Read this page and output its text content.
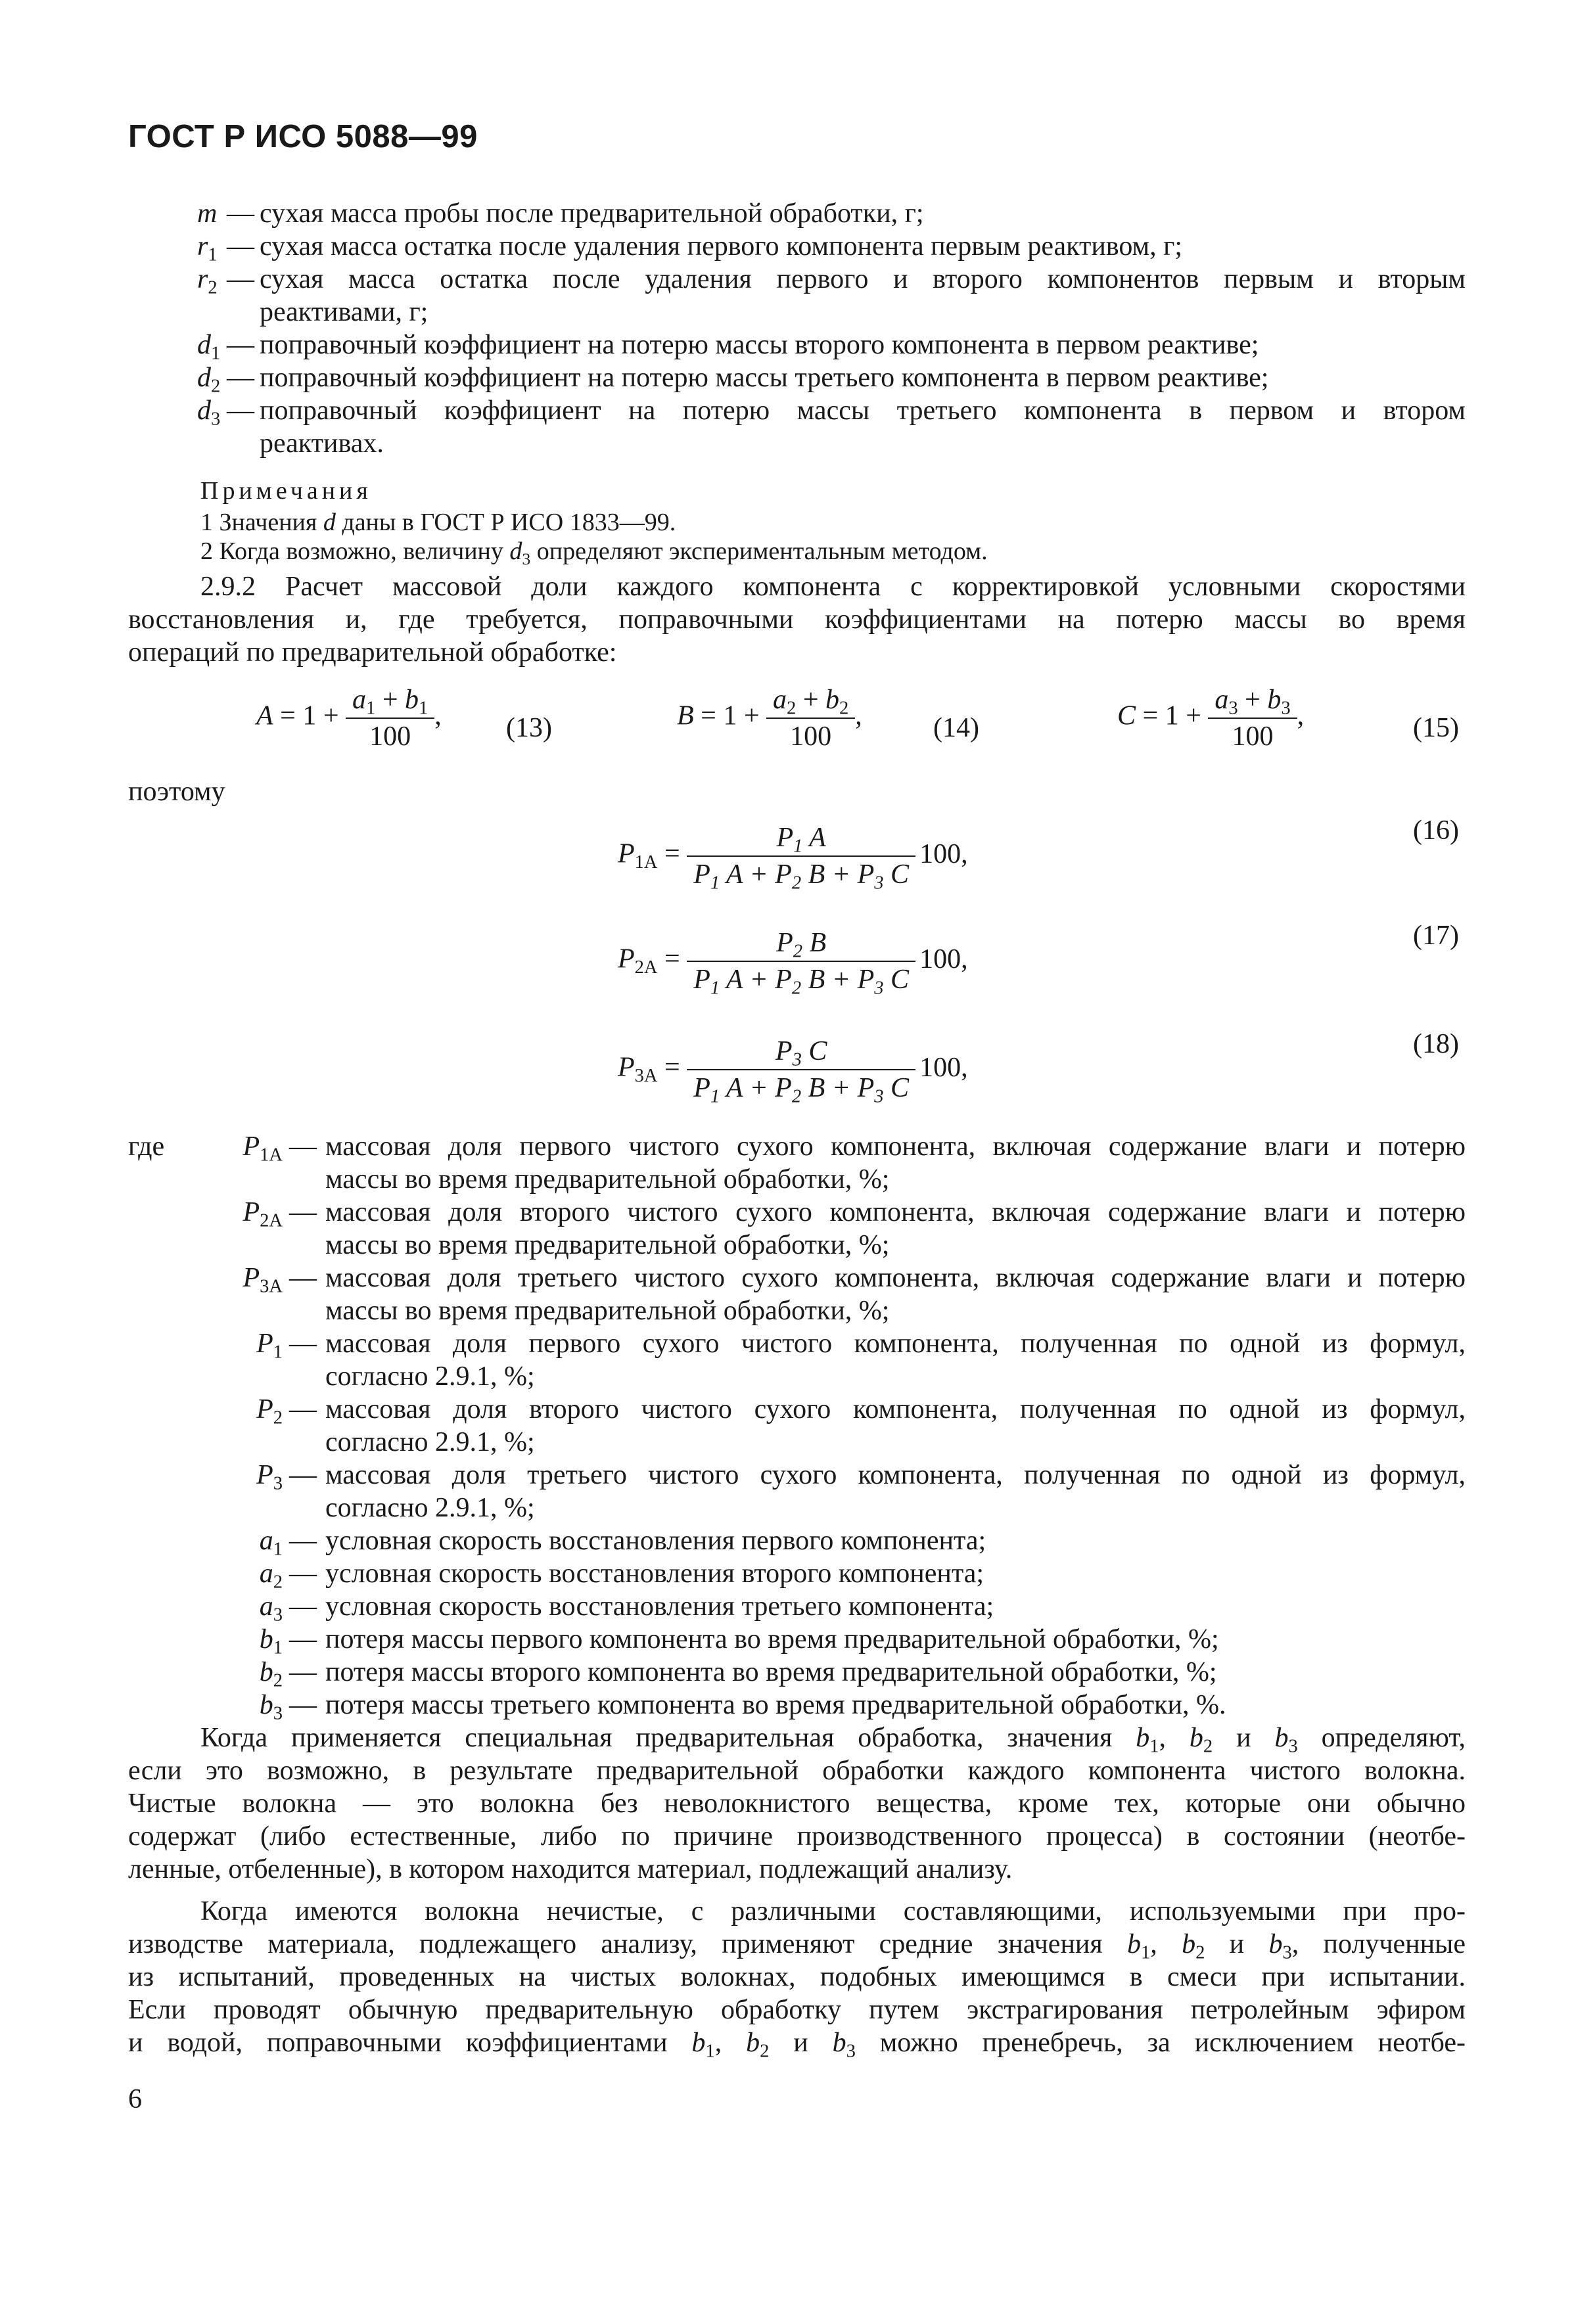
ГОСТ Р ИСО 5088—99
m — сухая масса пробы после предварительной обработки, г;
$r_1$ — сухая масса остатка после удаления первого компонента первым реактивом, г;
$r_2$ — сухая масса остатка после удаления первого и второго компонентов первым и вторым
реактивами, г;
$d_1$ — поправочный коэффициент на потерю массы второго компонента в первом реактиве;
$d_2$ — поправочный коэффициент на потерю массы третьего компонента в первом реактиве;
$d_3$ — поправочный коэффициент на потерю массы третьего компонента в первом и втором
реактивах.
Примечания
1 Значения d даны в ГОСТ Р ИСО 1833—99.
2 Когда возможно, величину $d_3$ определяют экспериментальным методом.
2.9.2 Расчет массовой доли каждого компонента с корректировкой условными скоростями
восстановления и, где требуется, поправочными коэффициентами на потерю массы во время
операций по предварительной обработке:
$A = 1 + \frac{a_1 + b_1}{100}$ , (13)	$B = 1 + \frac{a_2 + b_2}{100}$ ,	(14)	$C = 1 + \frac{a_3 + b_3}{100}$ ,	(15)
поэтому
$P_{1A} = \frac{P_1 A}{P_1 A + P_2 B + P_3 C} 100$,
(16)
$P_{2A} = \frac{P_2 B}{P_1 A + P_2 B + P_3 C} 100$,
(17)
$P_{3A} = \frac{P_3 C}{P_1 A + P_2 B + P_3 C} 100$,
(18)
где	$P_{1A}$ — массовая доля первого чистого сухого компонента, включая содержание влаги и потерю
массы во время предварительной обработки, %;
$P_{2A}$ — массовая доля второго чистого сухого компонента, включая содержание влаги и потерю
массы во время предварительной обработки, %;
$P_{3A}$ — массовая доля третьего чистого сухого компонента, включая содержание влаги и потерю
массы во время предварительной обработки, %;
$P_1$ — массовая доля первого сухого чистого компонента, полученная по одной из формул,
согласно 2.9.1, %;
$P_2$ — массовая доля второго чистого сухого компонента, полученная по одной из формул,
согласно 2.9.1, %;
$P_3$ — массовая доля третьего чистого сухого компонента, полученная по одной из формул,
согласно 2.9.1, %;
$a_1$ — условная скорость восстановления первого компонента;
$a_2$ — условная скорость восстановления второго компонента;
$a_3$ — условная скорость восстановления третьего компонента;
$b_1$ — потеря массы первого компонента во время предварительной обработки, %;
$b_2$ — потеря массы второго компонента во время предварительной обработки, %;
$b_3$ — потеря массы третьего компонента во время предварительной обработки, %.
Когда применяется специальная предварительная обработка, значения $b_1$, $b_2$ и $b_3$ определяют,
если это возможно, в результате предварительной обработки каждого компонента чистого волокна.
Чистые волокна — это волокна без неволокнистого вещества, кроме тех, которые они обычно
содержат (либо естественные, либо по причине производственного процесса) в состоянии (неотбе-
ленные, отбеленные), в котором находится материал, подлежащий анализу.
Когда имеются волокна нечистые, с различными составляющими, используемыми при про-
изводстве материала, подлежащего анализу, применяют средние значения $b_1$, $b_2$ и $b_3$, полученные
из испытаний, проведенных на чистых волокнах, подобных имеющимся в смеси при испытании.
Если проводят обычную предварительную обработку путем экстрагирования петролейным эфиром
и водой, поправочными коэффициентами $b_1$, $b_2$ и $b_3$ можно пренебречь, за исключением неотбе-
6
